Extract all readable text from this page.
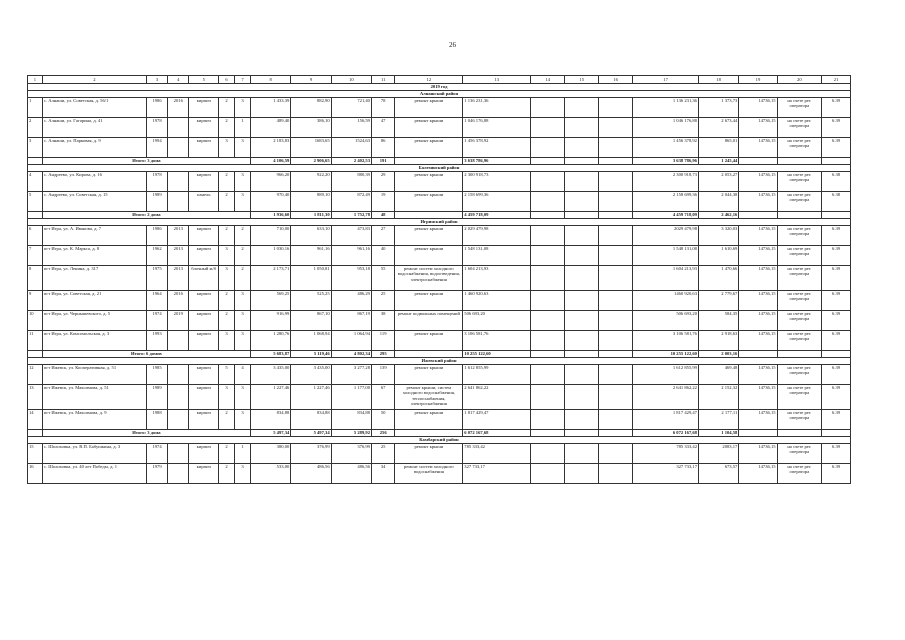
26
1	2	3	4	5	6	7	8	9	10	11	12	13	14	15	16	17	18	19	20	21
2019 год																				
Алнашский район																				
1	с. Алнаши, ул. Советская, д. 56/1	1986	2016	кирпич	2	3	1 433,39	882,90	721,40	78	ремонт крыши	1 136 231,36				1 136 231,36	1 373,73	14736,15	на счете рег. оператора	6.39
2	с. Алнаши, ул. Гагарина, д. 41	1978		кирпич	2	1	489,40	386,10	156,59	47	ремонт крыши	1 046 176,88				1 046 176,88	2 673,44	14736,15	на счете рег. оператора	6.39
3	с. Алнаши, ул. Парковая, д. 9	1994		кирпич	3	3	2 183,83	1683,65	1524,63	86	ремонт крыши	1 456 378,92				1 456 378,92	865,01	14736,15	на счете рег. оператора	6.39
	Итого: 3 дома						4 106,59	2 906,65	2 402,53	191		3 638 786,96				3 638 786,96	1 245,44			
Балезинский район																				
4	с. Андреево, ул. Кирова, д. 16	1978		кирпич	2	3	966,20	922,20	880,39	29	ремонт крыши	2 300 918,73				2 300 918,73	2 053,27	14736,15	на счете рег. оператора	6.38
5	с. Андреево, ул. Советская, д. 15	1989		панель	2	3	970,40	889,10	872,49	19	ремонт крыши	2 158 699,36				2 158 699,36	2 044,38	14736,15	на счете рег. оператора	6.38
	Итого: 2 дома						1 936,60	1 811,30	1 752,78	48		4 459 718,09				4 459 718,09	2 462,16			
Игринский район																				
6	пгт Игра, ул. А. Иванова, д. 7	1986	2013	кирпич	2	2	710,00	633,10	473,83	27	ремонт крыши	2 029 479,98				2029 479,98	3 320,03	14736,15	на счете рег. оператора	6.39
7	пгт Игра, ул. К. Маркса, д. 8	1962	2013	кирпич	3	2	1 030,16	961,16	961,16	40	ремонт крыши	1 548 131,08				1 548 131,08	1 610,69	14736,15	на счете рег. оператора	6.39
8	пгт Игра, ул. Ленина, д. 317	1975	2013	блочный ж/б	3	2	2 173,71	1 050,81	953,18	55	ремонт систем холодного водоснабжения, водоотведения, электроснабжения	1 604 213,93				1 604 213,93	1 470,66	14736,15	на счете рег. оператора	6.39
9	пгт Игра, ул. Советская, д. 21	1964	2016	кирпич	2	3	569,25	525,25	486,29	25	ремонт крыши	1 460 920,63				1460 920,63	2 779,67	14736,15	на счете рег. оператора	6.39
10	пгт Игра, ул. Чернышевского, д. 5	1974	2019	кирпич	2	3	916,99	867,10	867,19	38	ремонт подвальных помещений	506 693,20				506 693,20	584,35	14736,15	на счете рег. оператора	6.39
11	пгт Игра, ул. Комсомольская, д. 3	1993		кирпич	3	3	1 280,76	1 068,94	1 064,94	119	ремонт крыши	3 106 581,76				3 106 581,76	2 918,63	14736,15	на счете рег. оператора	6.39
	Итого: 6 домов						5 683,87	5 119,46	4 802,34	295		10 255 122,60				10 255 122,60	2 003,16			
Ижевский район																				
12	пгт Ижевск, ул. Кооперативная, д. 51	1985		кирпич	5	4	3 435,00	3 435,00	3 277,28	139	ремонт крыши	1 612 855,99				1 612 855,99	469,48	14736,15	на счете рег. оператора	6.39
13	пгт Ижевск, ул. Максимова, д. 51	1989		кирпич	3	3	1 227,46	1 227,46	1 177,00	67	ремонт крыши, систем холодного водоснабжения, теплоснабжения, электроснабжения	2 641 862,22				2 641 862,22	2 152,32	14736,15	на счете рег. оператора	6.39
14	пгт Ижевск, ул. Максимова, д. 9	1988		кирпич	2	3	834,88	834,88	834,88	50	ремонт крыши	1 817 429,47				1 817 429,47	2 177,11	14736,15	на счете рег. оператора	6.39
	Итого: 3 дома						5 497,34	5 497,34	5 289,92	256		6 072 167,68				6 072 167,68	1 104,58			
Камбарский район																				
15	с. Шолоховка, ул. В.П. Бабушкина, д. 3	1974		кирпич	2	1	380,00	376,99	376,99	25	ремонт крыши	785 333,42				785 333,42	2083,17	14736,15	на счете рег. оператора	6.39
16	с. Шолоховка, ул. 40 лет Победы, д. 1	1979		кирпич	2	3	533,00	486,56	486,56	34	ремонт систем холодного водоснабжения	327 733,17				327 733,17	673,57	14736,15	на счете рег. оператора	6.39
